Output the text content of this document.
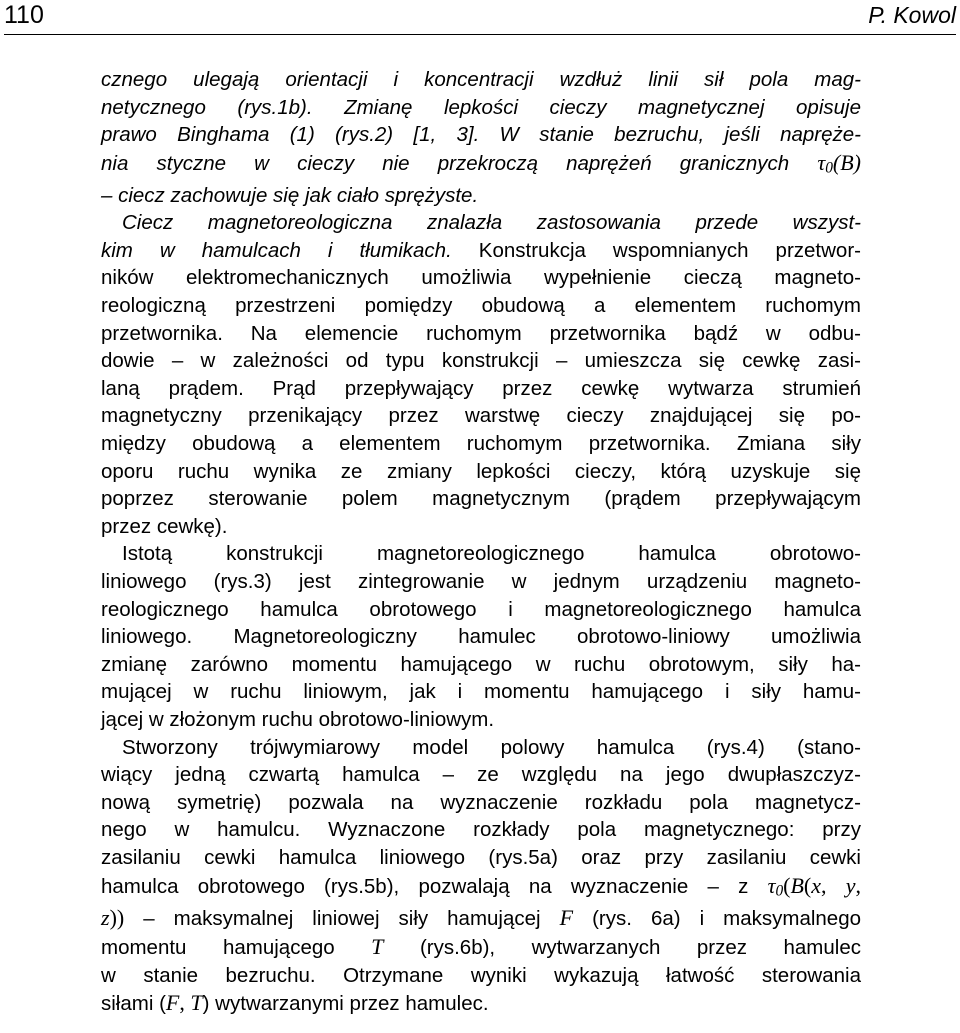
110	P. Kowol
cznego ulegają orientacji i koncentracji wzdłuż linii sił pola mag-
netycznego (rys.1b). Zmianę lepkości cieczy magnetycznej opisuje
prawo Binghama (1) (rys.2) [1, 3]. W stanie bezruchu, jeśli napręże-
nia styczne w cieczy nie przekroczą naprężeń granicznych τ0(B)
– ciecz zachowuje się jak ciało sprężyste.
Ciecz magnetoreologiczna znalazła zastosowania przede wszyst-
kim w hamulcach i tłumikach. Konstrukcja wspomnianych przetwor-
ników elektromechanicznych umożliwia wypełnienie cieczą magneto-
reologiczną przestrzeni pomiędzy obudową a elementem ruchomym
przetwornika. Na elemencie ruchomym przetwornika bądź w odbu-
dowie – w zależności od typu konstrukcji – umieszcza się cewkę zasi-
laną prądem. Prąd przepływający przez cewkę wytwarza strumień
magnetyczny przenikający przez warstwę cieczy znajdującej się po-
między obudową a elementem ruchomym przetwornika. Zmiana siły
oporu ruchu wynika ze zmiany lepkości cieczy, którą uzyskuje się
poprzez sterowanie polem magnetycznym (prądem przepływającym
przez cewkę).
Istotą konstrukcji magnetoreologicznego hamulca obrotowo-
liniowego (rys.3) jest zintegrowanie w jednym urządzeniu magneto-
reologicznego hamulca obrotowego i magnetoreologicznego hamulca
liniowego. Magnetoreologiczny hamulec obrotowo-liniowy umożliwia
zmianę zarówno momentu hamującego w ruchu obrotowym, siły ha-
mującej w ruchu liniowym, jak i momentu hamującego i siły hamu-
jącej w złożonym ruchu obrotowo-liniowym.
Stworzony trójwymiarowy model polowy hamulca (rys.4) (stano-
wiący jedną czwartą hamulca – ze względu na jego dwupłaszczyz-
nową symetrię) pozwala na wyznaczenie rozkładu pola magnetycz-
nego w hamulcu. Wyznaczone rozkłady pola magnetycznego: przy
zasilaniu cewki hamulca liniowego (rys.5a) oraz przy zasilaniu cewki
hamulca obrotowego (rys.5b), pozwalają na wyznaczenie – z τ0(B(x, y,
z)) – maksymalnej liniowej siły hamującej F (rys. 6a) i maksymalnego
momentu hamującego T (rys.6b), wytwarzanych przez hamulec
w stanie bezruchu. Otrzymane wyniki wykazują łatwość sterowania
siłami (F, T) wytwarzanymi przez hamulec.
